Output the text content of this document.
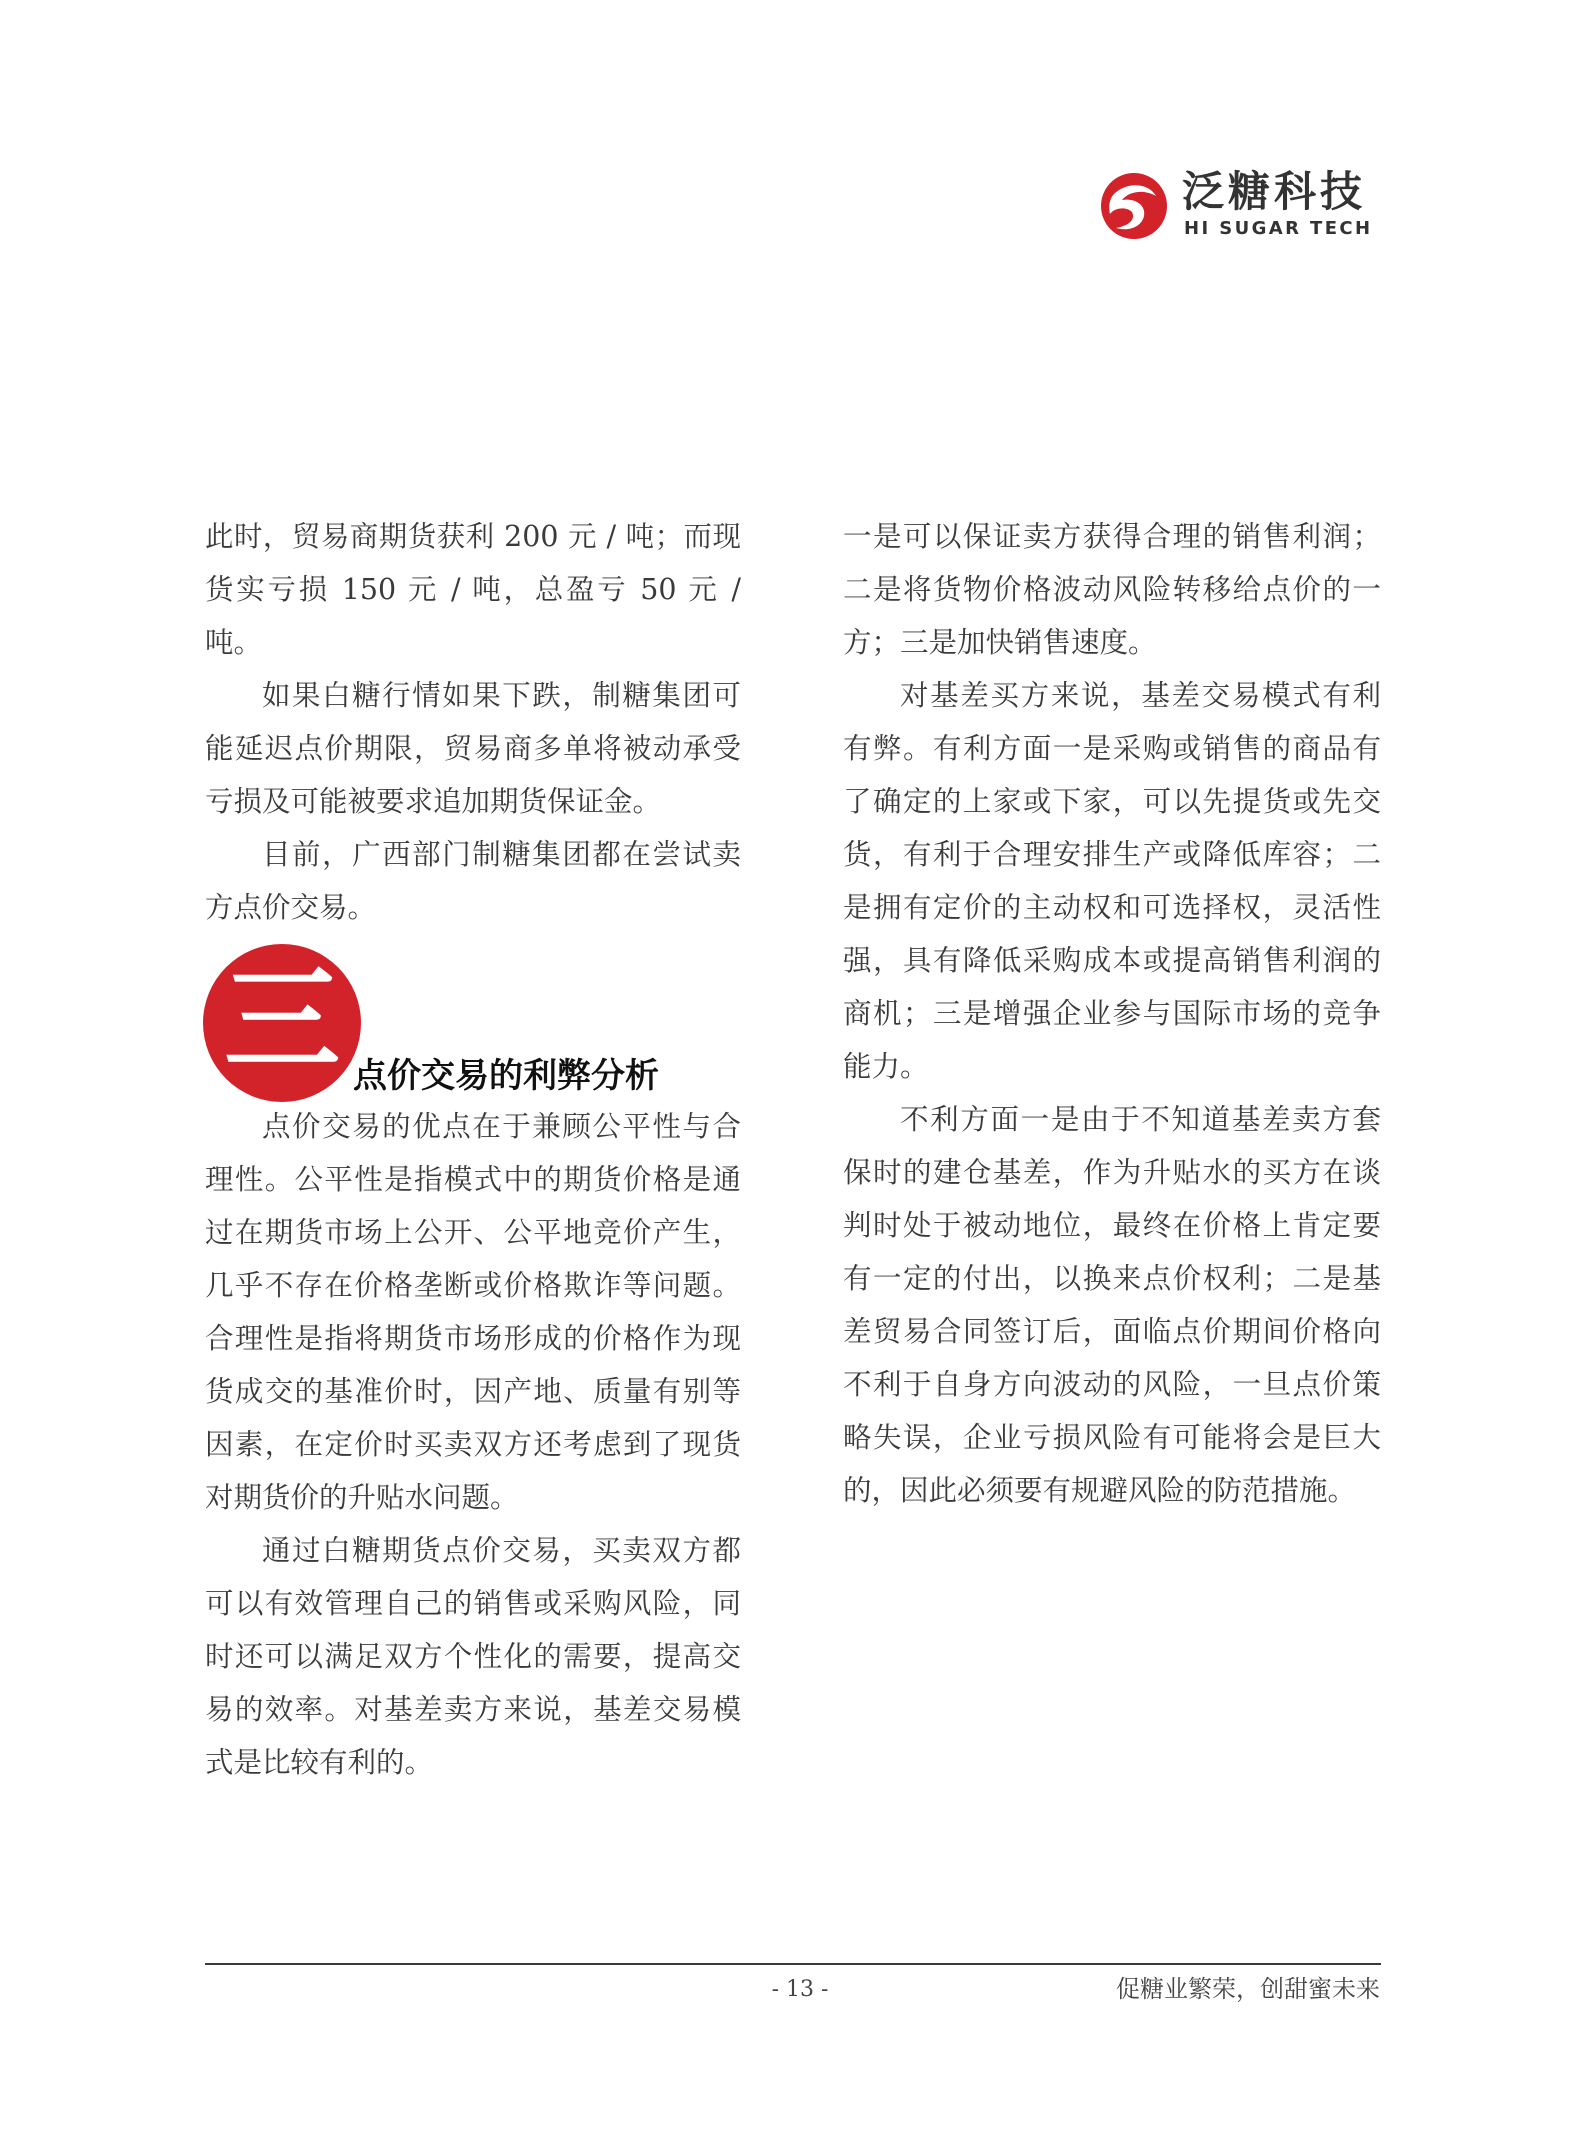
泛糖科技
HI SUGAR TECH

此时，贸易商期货获利 200 元 / 吨；而现货实亏损 150 元 / 吨，总盈亏 50 元 / 吨。

如果白糖行情如果下跌，制糖集团可能延迟点价期限，贸易商多单将被动承受亏损及可能被要求追加期货保证金。

目前，广西部门制糖集团都在尝试卖方点价交易。

三 点价交易的利弊分析

点价交易的优点在于兼顾公平性与合理性。公平性是指模式中的期货价格是通过在期货市场上公开、公平地竞价产生，几乎不存在价格垄断或价格欺诈等问题。合理性是指将期货市场形成的价格作为现货成交的基准价时，因产地、质量有别等因素，在定价时买卖双方还考虑到了现货对期货价的升贴水问题。

通过白糖期货点价交易，买卖双方都可以有效管理自己的销售或采购风险，同时还可以满足双方个性化的需要，提高交易的效率。对基差卖方来说，基差交易模式是比较有利的。

一是可以保证卖方获得合理的销售利润；二是将货物价格波动风险转移给点价的一方；三是加快销售速度。

对基差买方来说，基差交易模式有利有弊。有利方面一是采购或销售的商品有了确定的上家或下家，可以先提货或先交货，有利于合理安排生产或降低库容；二是拥有定价的主动权和可选择权，灵活性强，具有降低采购成本或提高销售利润的商机；三是增强企业参与国际市场的竞争能力。

不利方面一是由于不知道基差卖方套保时的建仓基差，作为升贴水的买方在谈判时处于被动地位，最终在价格上肯定要有一定的付出，以换来点价权利；二是基差贸易合同签订后，面临点价期间价格向不利于自身方向波动的风险，一旦点价策略失误，企业亏损风险有可能将会是巨大的，因此必须要有规避风险的防范措施。

- 13 -	促糖业繁荣，创甜蜜未来
